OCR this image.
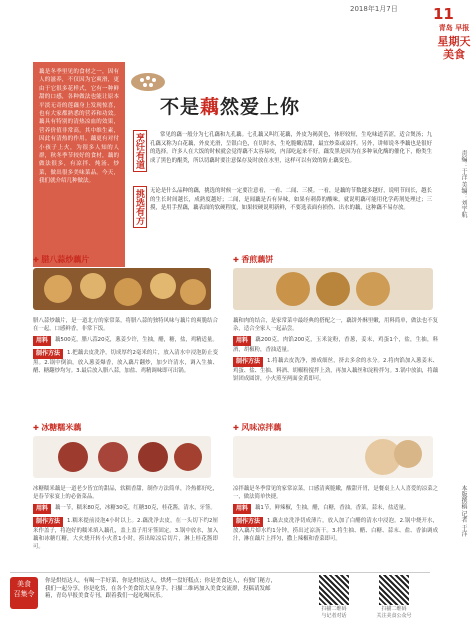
2018年1月7日 11
青岛 早报
星期天
美食
责编：于洋 美编：刘宇航
藕是冬季里见的食材之一，因有人的滋养，不仅因为它爽滑，更由于它很多花样式，它有一种鲜甜的口感，各种做法也能让原本平淡无奇的莲藕身上发现惊喜，也有大家都熟悉的营养和功效。藕具有特别的清热凉血的效果，营养价值非常高，其中维生素，因此有清热的作用。藕更有对付小孩子上火，为很多人知的人群，秋冬季节较好的食材，藕的做法很多，有凉拌、炖汤、炒菜，做出很多美味菜品。今天，我们就介绍几种做法。
不是藕然爱上你
烹饪有道
挑选有方
常见的藕一般分为七孔藕和九孔藕。七孔藕又叫红花藕，外皮为褐黄色，体形较短，生吃味道苦涩，适合煲汤；九孔藕又称为白花藕，外皮光滑，呈银白色，在切时水，生吃脆嫩清甜，最宜炒菜或凉拌。另外，讲师说冬季藕也是很好的选择。许多人在大饭的时候就会觉得藕不太容易咬，内部吃起来不好。藕发黑是因为在多种氧化酶的催化下，酚类生成了黑色的醌类，所以切藕时要注意保存及时放在水里，这样可以有效的防止藕变色。
无论是什么品种的藕，挑选的时候一定要注意看，一看、二闻、三摸。一看，是藕的节数越多越好，说明节间长，越长的生长时间越长，成熟度越好；二闻，是闻藕是否有异味，如果有刺鼻的酸味，就说明藕可能用化学药剂处理过；三摸，是用手捏藕，藕表面的软硬程度，如果较硬说明新鲜，不要选表面有损伤、出水的藕，这种藕不易存放。
✚ 腊八蒜炒藕片
腊八蒜炒藕片，是一道北方的家常菜，将腊八蒜的独特风味与藕片的爽脆结合在一起，口感鲜香，非常下饭。
用料 藕500克，腊八蒜20克，葱姜少许，生抽，醋，糖，盐，鸡精适量。
制作方法 1.把藕去皮洗净，切成厚约2毫米的片，放入清水中浸泡防止变黑。2.锅中倒油，放入葱姜爆香，放入藕片翻炒，加少许清水，调入生抽、醋、糖翻炒均匀。3.最后放入腊八蒜，加盐、鸡精调味即可出锅。
✚ 香煎藕饼
藕和肉的结合，是家常菜中最经典的搭配之一，藕饼外酥里嫩，用料简单，做法也不复杂，适合全家人一起品尝。
用料 藕200克，肉馅200克，玉米淀粉，香葱，姜末，鸡蛋1个，盐，生抽，料酒，胡椒粉，香油适量。
制作方法 1.将藕去皮洗净，擦成细丝，挤去多余的水分。2.将肉馅加入葱姜末、鸡蛋、盐、生抽、料酒、胡椒粉搅拌上劲，再加入藕丝和淀粉拌匀。3.锅中放油，将藕饼团成圆饼，小火煎至两面金黄即可。
✚ 冰糖糯米藕
冰糖糯米藕是一道老少皆宜的甜品，软糯香甜，制作方法简单，冷热都好吃，是春节家宴上的必备菜品。
用料 藕一节，糯米80克，冰糖30克，红糖30克，桂花酱，清水，牙签。
制作方法 1.糯米提前浸泡4小时以上。2.藕洗净去皮，在一头切下约2厘米作盖子，将泡好的糯米填入藕孔，盖上盖子用牙签固定。3.锅中放水，加入藕和冰糖红糖，大火烧开转小火煮1小时，捞出晾凉后切片，淋上桂花酱即可。
✚ 风味凉拌藕
凉拌藕是冬季常见的家常凉菜，口感清爽脆嫩，酸甜开胃，是餐桌上人人喜爱的凉菜之一，做法简单快捷。
用料 藕1节，鲜辣椒，生抽，醋，白糖，香油，香菜，蒜末，盐适量。
制作方法 1.藕去皮洗净切成薄片，放入加了白醋的清水中浸泡。2.锅中烧开水，放入藕片焯水约1分钟，捞出过凉沥干。3.将生抽、醋、白糖、蒜末、盐、香油调成汁，淋在藕片上拌匀，撒上辣椒和香菜即可。
本版撰稿 记者 于洋
美食
召集令
你是烘焙达人，有喝一手好菜，你是烘焙达人，烘烤一盘好糕点；你是美食达人，有独门秘方，我们一起分享，你是吃货，在各个美食馆大显身手。扫描二维码加入美食交流群，投稿请发邮箱，青岛早报美食专刊，跟着我们一起吃喝玩乐。
扫描二维码
与记者对话
扫描二维码
关注美食公众号
